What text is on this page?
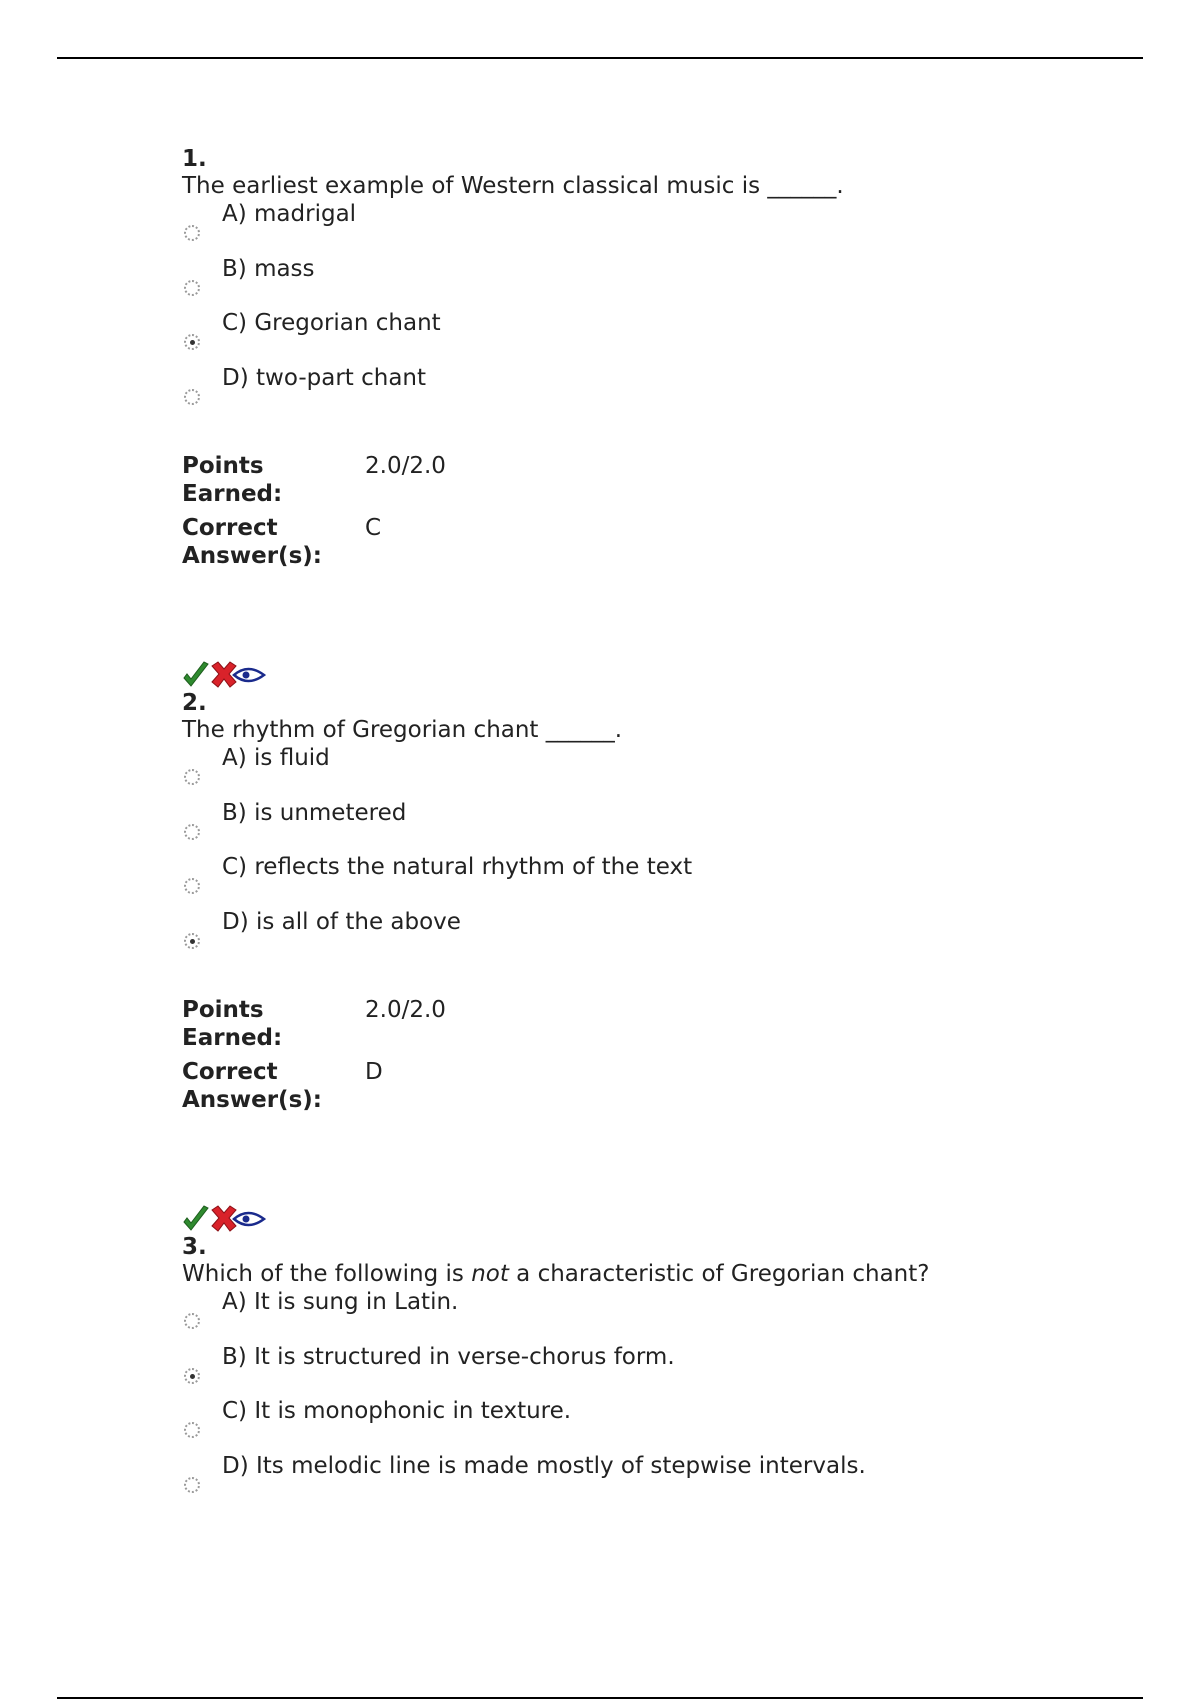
1.
The earliest example of Western classical music is ______.
A) madrigal
B) mass
C) Gregorian chant
D) two-part chant
Points Earned:
2.0/2.0
Correct Answer(s):
C
2.
The rhythm of Gregorian chant ______.
A) is fluid
B) is unmetered
C) reflects the natural rhythm of the text
D) is all of the above
Points Earned:
2.0/2.0
Correct Answer(s):
D
3.
Which of the following is not a characteristic of Gregorian chant?
A) It is sung in Latin.
B) It is structured in verse-chorus form.
C) It is monophonic in texture.
D) Its melodic line is made mostly of stepwise intervals.
